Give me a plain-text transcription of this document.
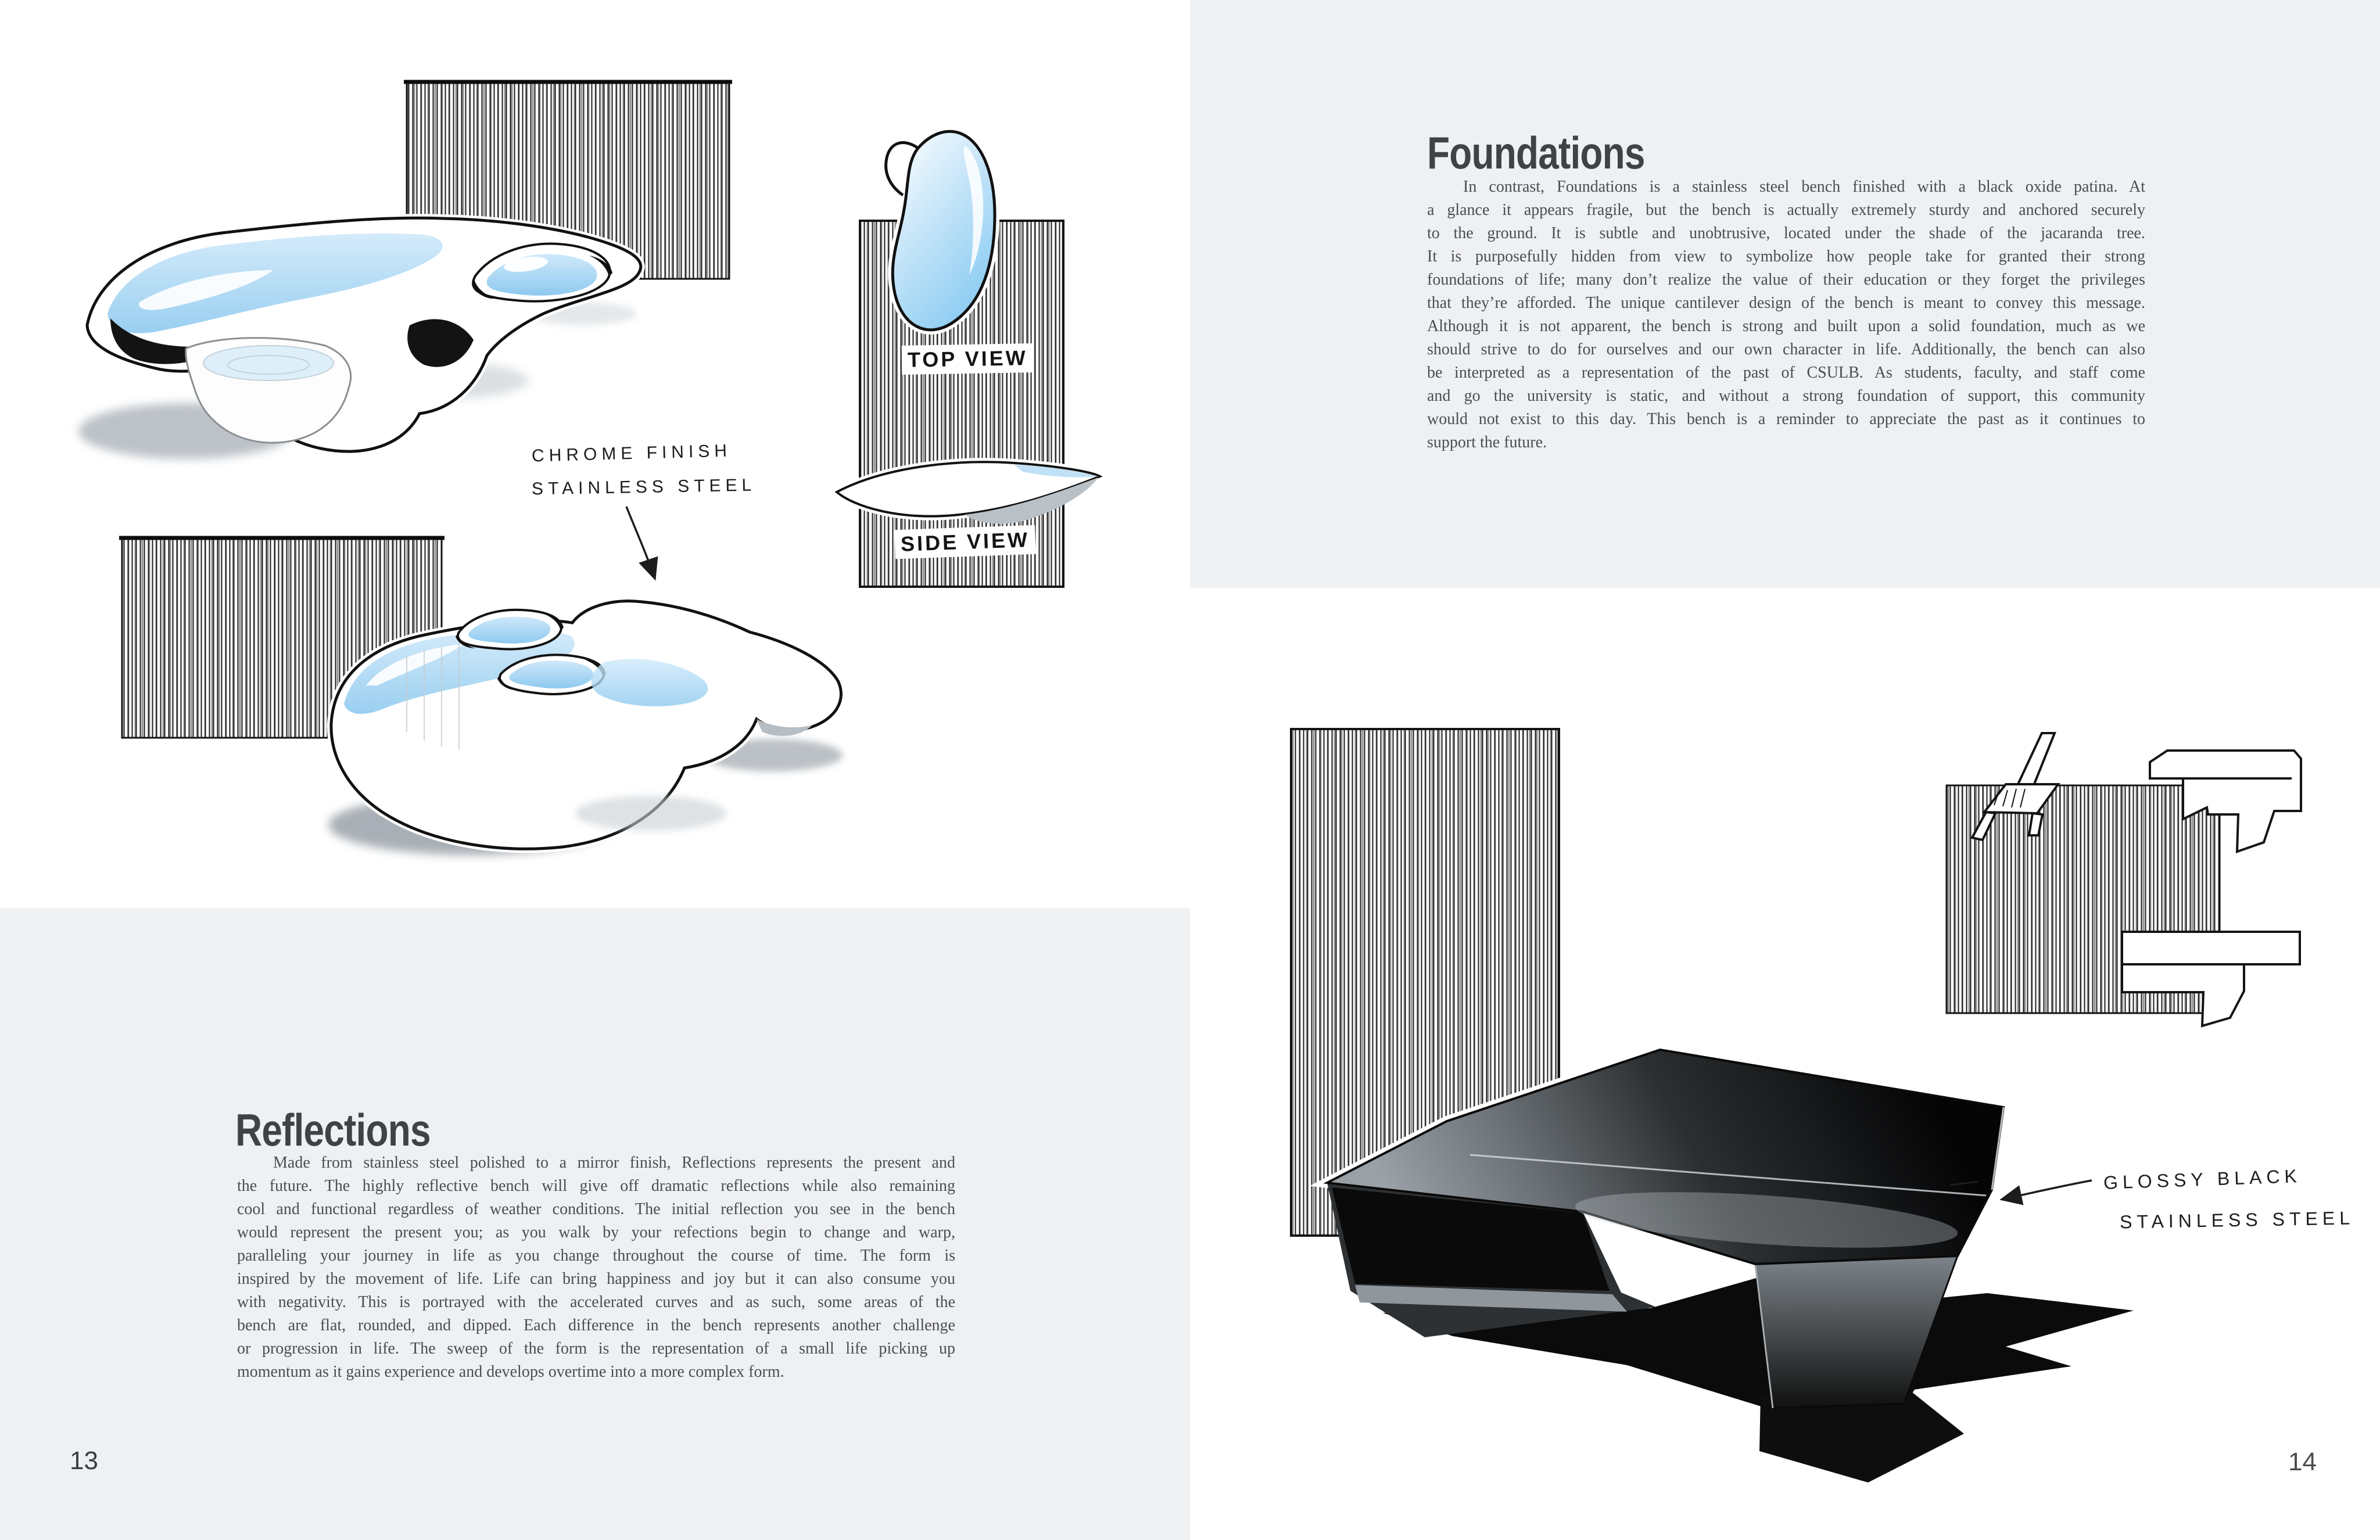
CHROME FINISH
STAINLESS STEEL
TOP VIEW
SIDE VIEW
Reflections
Made from stainless steel polished to a mirror finish, Reflections represents the present and
the future. The highly reflective bench will give off dramatic reflections while also remaining
cool and functional regardless of weather conditions. The initial reflection you see in the bench
would represent the present you; as you walk by your refections begin to change and warp,
paralleling your journey in life as you change throughout the course of time. The form is
inspired by the movement of life. Life can bring happiness and joy but it can also consume you
with negativity. This is portrayed with the accelerated curves and as such, some areas of the
bench are flat, rounded, and dipped. Each difference in the bench represents another challenge
or progression in life. The sweep of the form is the representation of a small life picking up
momentum as it gains experience and develops overtime into a more complex form.
13
Foundations
In contrast, Foundations is a stainless steel bench finished with a black oxide patina. At
a glance it appears fragile, but the bench is actually extremely sturdy and anchored securely
to the ground. It is subtle and unobtrusive, located under the shade of the jacaranda tree.
It is purposefully hidden from view to symbolize how people take for granted their strong
foundations of life; many don’t realize the value of their education or they forget the privileges
that they’re afforded. The unique cantilever design of the bench is meant to convey this message.
Although it is not apparent, the bench is strong and built upon a solid foundation, much as we
should strive to do for ourselves and our own character in life. Additionally, the bench can also
be interpreted as a representation of the past of CSULB. As students, faculty, and staff come
and go the university is static, and without a strong foundation of support, this community
would not exist to this day. This bench is a reminder to appreciate the past as it continues to
support the future.
GLOSSY BLACK
STAINLESS STEEL
14
